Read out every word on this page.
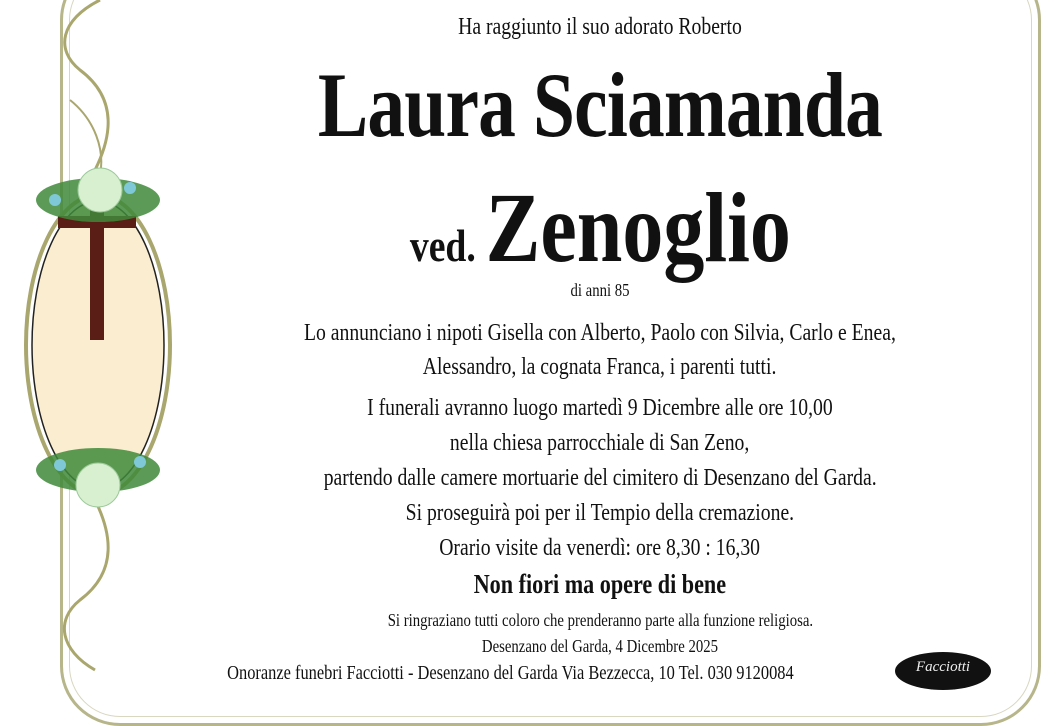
Ha raggiunto il suo adorato Roberto
Laura Sciamanda
ved.Zenoglio
di anni 85
Lo annunciano i nipoti Gisella con Alberto, Paolo con Silvia, Carlo e Enea,
Alessandro, la cognata Franca, i parenti tutti.
I funerali avranno luogo martedì 9 Dicembre alle ore 10,00
nella chiesa parrocchiale di San Zeno,
partendo dalle camere mortuarie del cimitero di Desenzano del Garda.
Si proseguirà poi per il Tempio della cremazione.
Orario visite da venerdì: ore 8,30 : 16,30
Non fiori ma opere di bene
Si ringraziano tutti coloro che prenderanno parte alla funzione religiosa.
Desenzano del Garda, 4 Dicembre 2025
Onoranze funebri Facciotti - Desenzano del Garda Via Bezzecca, 10 Tel. 030 9120084	Facciotti
